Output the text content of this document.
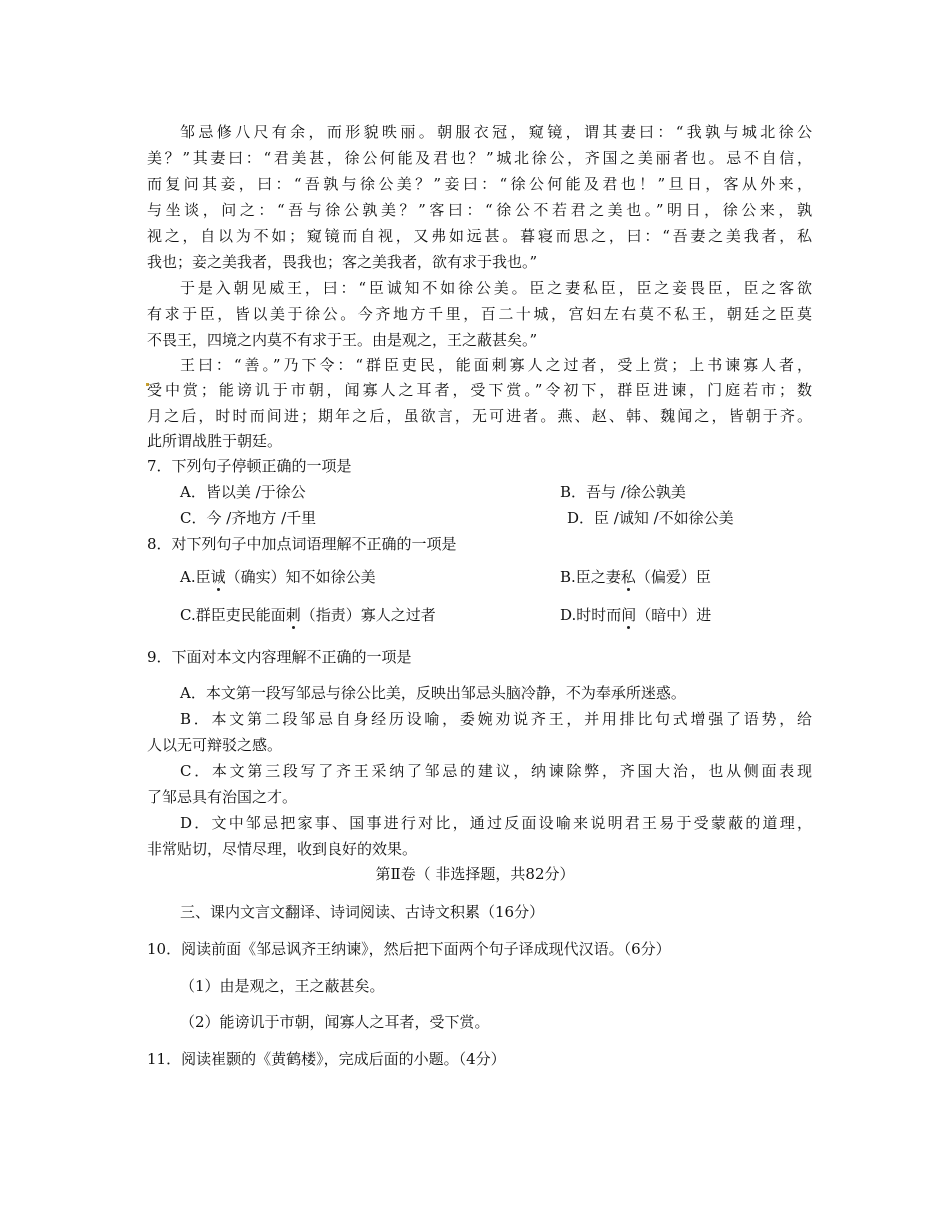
邹忌修八尺有余，而形貌昳丽。朝服衣冠，窥镜，谓其妻曰：“我孰与城北徐公
美？”其妻曰：“君美甚，徐公何能及君也？”城北徐公，齐国之美丽者也。忌不自信，
而复问其妾，曰：“吾孰与徐公美？”妾曰：“徐公何能及君也！”旦日，客从外来，
与坐谈，问之：“吾与徐公孰美？”客曰：“徐公不若君之美也。”明日，徐公来，孰
视之，自以为不如；窥镜而自视，又弗如远甚。暮寝而思之，曰：“吾妻之美我者，私
我也；妾之美我者，畏我也；客之美我者，欲有求于我也。”
于是入朝见威王，曰：“臣诚知不如徐公美。臣之妻私臣，臣之妾畏臣，臣之客欲
有求于臣，皆以美于徐公。今齐地方千里，百二十城，宫妇左右莫不私王，朝廷之臣莫
不畏王，四境之内莫不有求于王。由是观之，王之蔽甚矣。”
王曰：“善。”乃下令：“群臣吏民，能面刺寡人之过者，受上赏；上书谏寡人者，
受中赏；能谤讥于市朝，闻寡人之耳者，受下赏。”令初下，群臣进谏，门庭若市；数
月之后，时时而间进；期年之后，虽欲言，无可进者。燕、赵、韩、魏闻之，皆朝于齐。
此所谓战胜于朝廷。
7．下列句子停顿正确的一项是
A．皆以美 /于徐公	B．吾与 /徐公孰美
C．今 /齐地方 /千里	D．臣 /诚知 /不如徐公美
8．对下列句子中加点词语理解不正确的一项是
A.臣诚（确实）知不如徐公美	B.臣之妻私（偏爱）臣
C.群臣吏民能面刺（指责）寡人之过者	D.时时而间（暗中）进
9．下面对本文内容理解不正确的一项是
A．本文第一段写邹忌与徐公比美，反映出邹忌头脑冷静，不为奉承所迷惑。
B．本文第二段邹忌自身经历设喻，委婉劝说齐王，并用排比句式增强了语势，给
人以无可辩驳之感。
C．本文第三段写了齐王采纳了邹忌的建议，纳谏除弊，齐国大治，也从侧面表现
了邹忌具有治国之才。
D．文中邹忌把家事、国事进行对比，通过反面设喻来说明君王易于受蒙蔽的道理，
非常贴切，尽情尽理，收到良好的效果。
第Ⅱ卷（ 非选择题，共82分）
三、课内文言文翻译、诗词阅读、古诗文积累（16分）
10．阅读前面《邹忌讽齐王纳谏》，然后把下面两个句子译成现代汉语。（6分）
（1）由是观之，王之蔽甚矣。
（2）能谤讥于市朝，闻寡人之耳者，受下赏。
11．阅读崔颢的《黄鹤楼》，完成后面的小题。（4分）
